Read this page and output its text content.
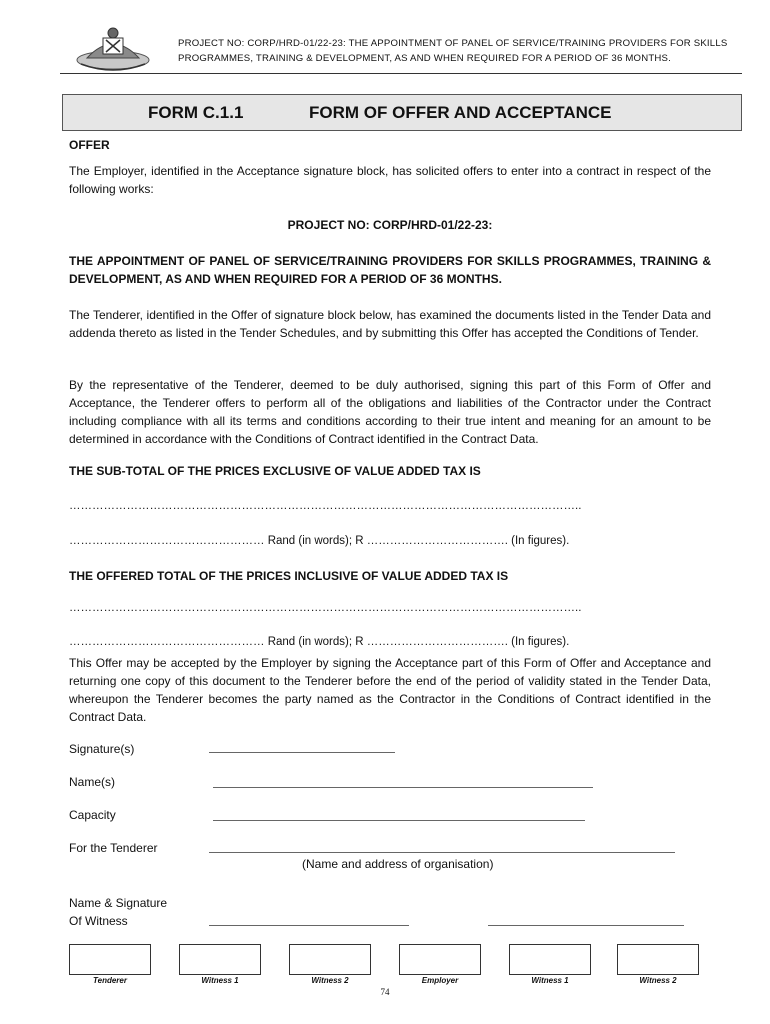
PROJECT NO: CORP/HRD-01/22-23: THE APPOINTMENT OF PANEL OF SERVICE/TRAINING PROVIDERS FOR SKILLS
PROGRAMMES, TRAINING & DEVELOPMENT, AS AND WHEN REQUIRED FOR A PERIOD OF 36 MONTHS.
FORM C.1.1	FORM OF OFFER AND ACCEPTANCE
OFFER
The Employer, identified in the Acceptance signature block, has solicited offers to enter into a contract in respect of the following works:
PROJECT NO: CORP/HRD-01/22-23:
THE APPOINTMENT OF PANEL OF SERVICE/TRAINING PROVIDERS FOR SKILLS PROGRAMMES, TRAINING & DEVELOPMENT, AS AND WHEN REQUIRED FOR A PERIOD OF 36 MONTHS.
The Tenderer, identified in the Offer of signature block below, has examined the documents listed in the Tender Data and addenda thereto as listed in the Tender Schedules, and by submitting this Offer has accepted the Conditions of Tender.
By the representative of the Tenderer, deemed to be duly authorised, signing this part of this Form of Offer and Acceptance, the Tenderer offers to perform all of the obligations and liabilities of the Contractor under the Contract including compliance with all its terms and conditions according to their true intent and meaning for an amount to be determined in accordance with the Conditions of Contract identified in the Contract Data.
THE SUB-TOTAL OF THE PRICES EXCLUSIVE OF VALUE ADDED TAX IS
……………………………………………………………………………………………………………………..
…………………………………………… Rand (in words); R ………………………………. (In figures).
THE OFFERED TOTAL OF THE PRICES INCLUSIVE OF VALUE ADDED TAX IS
……………………………………………………………………………………………………………………..
…………………………………………… Rand (in words); R ………………………………. (In figures).
This Offer may be accepted by the Employer by signing the Acceptance part of this Form of Offer and Acceptance and returning one copy of this document to the Tenderer before the end of the period of validity stated in the Tender Data, whereupon the Tenderer becomes the party named as the Contractor in the Conditions of Contract identified in the Contract Data.
Signature(s)
Name(s)
Capacity
For the Tenderer
(Name and address of organisation)
Name & Signature
Of Witness
Tenderer	Witness 1	Witness 2	Employer	Witness 1	Witness 2
74
